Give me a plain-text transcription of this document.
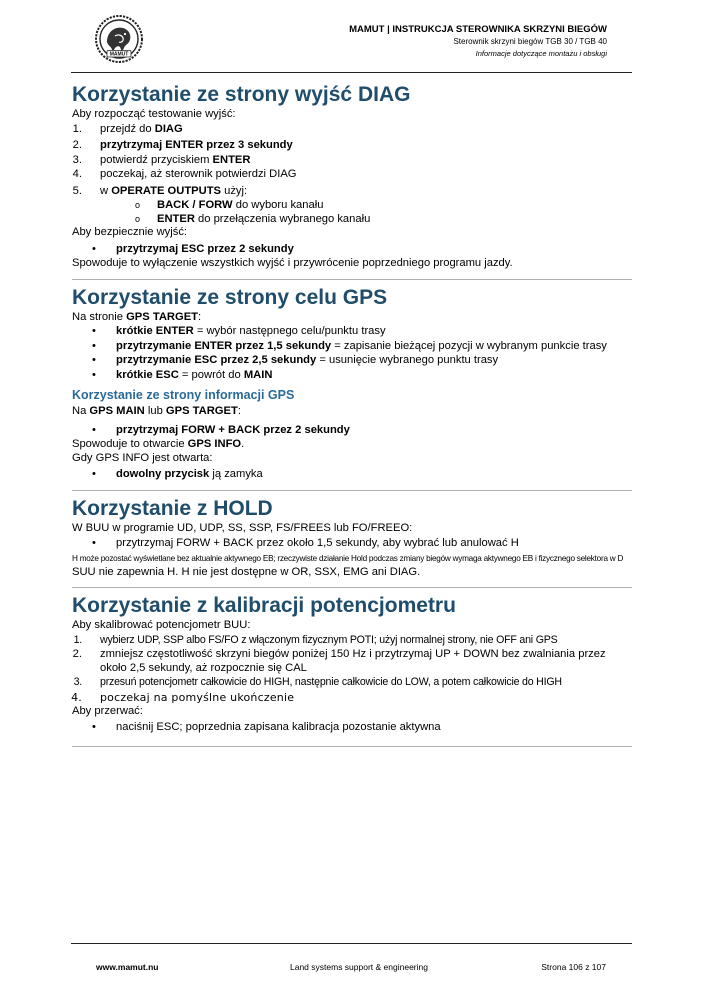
MAMUT
MAMUT | INSTRUKCJA STEROWNIKA SKRZYNI BIEGÓW
Sterownik skrzyni biegów TGB 30 / TGB 40
Informacje dotyczące montażu i obsługi
Korzystanie ze strony wyjść DIAG

Aby rozpocząć testowanie wyjść:

1. przejdź do DIAG
2. przytrzymaj ENTER przez 3 sekundy
3. potwierdź przyciskiem ENTER
4. poczekaj, aż sterownik potwierdzi DIAG
5. w OPERATE OUTPUTS użyj:
o BACK / FORW do wyboru kanału
o ENTER do przełączenia wybranego kanału

Aby bezpiecznie wyjść:

• przytrzymaj ESC przez 2 sekundy

Spowoduje to wyłączenie wszystkich wyjść i przywrócenie poprzedniego programu jazdy.

Korzystanie ze strony celu GPS

Na stronie GPS TARGET:

• krótkie ENTER = wybór następnego celu/punktu trasy
• przytrzymanie ENTER przez 1,5 sekundy = zapisanie bieżącej pozycji w wybranym punkcie trasy
• przytrzymanie ESC przez 2,5 sekundy = usunięcie wybranego punktu trasy
• krótkie ESC = powrót do MAIN
Korzystanie ze strony informacji GPS

Na GPS MAIN lub GPS TARGET:

• przytrzymaj FORW + BACK przez 2 sekundy

Spowoduje to otwarcie GPS INFO.

Gdy GPS INFO jest otwarta:

• dowolny przycisk ją zamyka
Korzystanie z HOLD

W BUU w programie UD, UDP, SS, SSP, FS/FREES lub FO/FREEO:

• przytrzymaj FORW + BACK przez około 1,5 sekundy, aby wybrać lub anulować H

H może pozostać wyświetlane bez aktualnie aktywnego EB; rzeczywiste działanie Hold podczas zmiany biegów wymaga aktywnego EB i fizycznego selektora w D

SUU nie zapewnia H. H nie jest dostępne w OR, SSX, EMG ani DIAG.

Korzystanie z kalibracji potencjometru

Aby skalibrować potencjometr BUU:

1. wybierz UDP, SSP albo FS/FO z włączonym fizycznym POTI; użyj normalnej strony, nie OFF ani GPS
2. zmniejsz częstotliwość skrzyni biegów poniżej 150 Hz i przytrzymaj UP + DOWN bez zwalniania przez około 2,5 sekundy, aż rozpocznie się CAL
3. przesuń potencjometr całkowicie do HIGH, następnie całkowicie do LOW, a potem całkowicie do HIGH
4. poczekaj na pomyślne ukończenie

Aby przerwać:

• naciśnij ESC; poprzednia zapisana kalibracja pozostanie aktywna
www.mamut.nu	Land systems support & engineering	Strona 106 z 107
